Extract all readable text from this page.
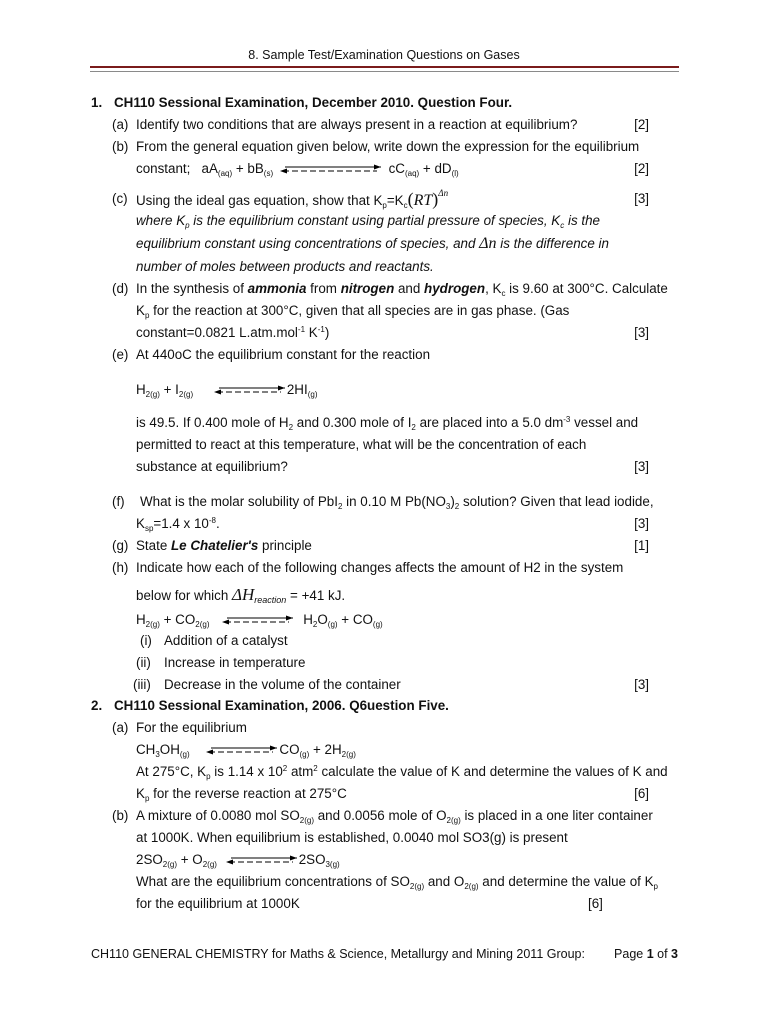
8. Sample Test/Examination Questions on Gases
1. CH110 Sessional Examination, December 2010. Question Four.
(a) Identify two conditions that are always present in a reaction at equilibrium?	[2]
(b) From the general equation given below, write down the expression for the equilibrium
constant; $aA_{(aq)} + bB_{(s)}$	$cC_{(aq)} + dD_{(l)}$	[2]
(c) Using the ideal gas equation, show that $K_p=K_c(RT)^{\Delta n}$	[3]
where $K_p$ is the equilibrium constant using partial pressure of species, $K_c$ is the
equilibrium constant using concentrations of species, and Δn is the difference in
number of moles between products and reactants.
(d) In the synthesis of ammonia from nitrogen and hydrogen, $K_c$ is 9.60 at 300°C. Calculate
$K_p$ for the reaction at 300°C, given that all species are in gas phase. (Gas
constant=0.0821 L.atm.mol$^{-1}$ $K^{-1}$)	[3]
(e) At 440oC the equilibrium constant for the reaction
$H_{2(g)} + I_{2(g)}$	$2HI_{(g)}$
is 49.5. If 0.400 mole of $H_2$ and 0.300 mole of $I_2$ are placed into a 5.0 $dm^{-3}$ vessel and
permitted to react at this temperature, what will be the concentration of each
substance at equilibrium?	[3]
(f) What is the molar solubility of PbI$_2$ in 0.10 M $Pb(NO_3)_2$ solution? Given that lead iodide,
$K_{sp}=1.4$ x $10^{-8}$.	[3]
(g) State Le Chatelier's principle	[1]
(h) Indicate how each of the following changes affects the amount of H2 in the system
below for which $\Delta H_{reaction} = +41$ kJ.
$H_{2(g)} + CO_{2(g)}$	$H_2O_{(g)} + CO_{(g)}$
(i) Addition of a catalyst
(ii) Increase in temperature
(iii) Decrease in the volume of the container	[3]
2. CH110 Sessional Examination, 2006. Q6uestion Five.
(a) For the equilibrium
$CH_3OH_{(g)}$	$CO_{(g)} + 2H_{2(g)}$
At 275°C, $K_p$ is 1.14 x $10^2$ atm$^2$ calculate the value of K and determine the values of K and
$K_p$ for the reverse reaction at 275°C	[6]
(b) A mixture of 0.0080 mol $SO_{2(g)}$ and 0.0056 mole of $O_{2(g)}$ is placed in a one liter container
at 1000K. When equilibrium is established, 0.0040 mol SO3(g) is present
$2SO_{2(g)} + O_{2(g)}$	$2SO_{3(g)}$
What are the equilibrium concentrations of $SO_{2(g)}$ and $O_{2(g)}$ and determine the value of $K_p$
for the equilibrium at 1000K	[6]
CH110 GENERAL CHEMISTRY for Maths & Science, Metallurgy and Mining 2011 Group: Page 1 of 3
